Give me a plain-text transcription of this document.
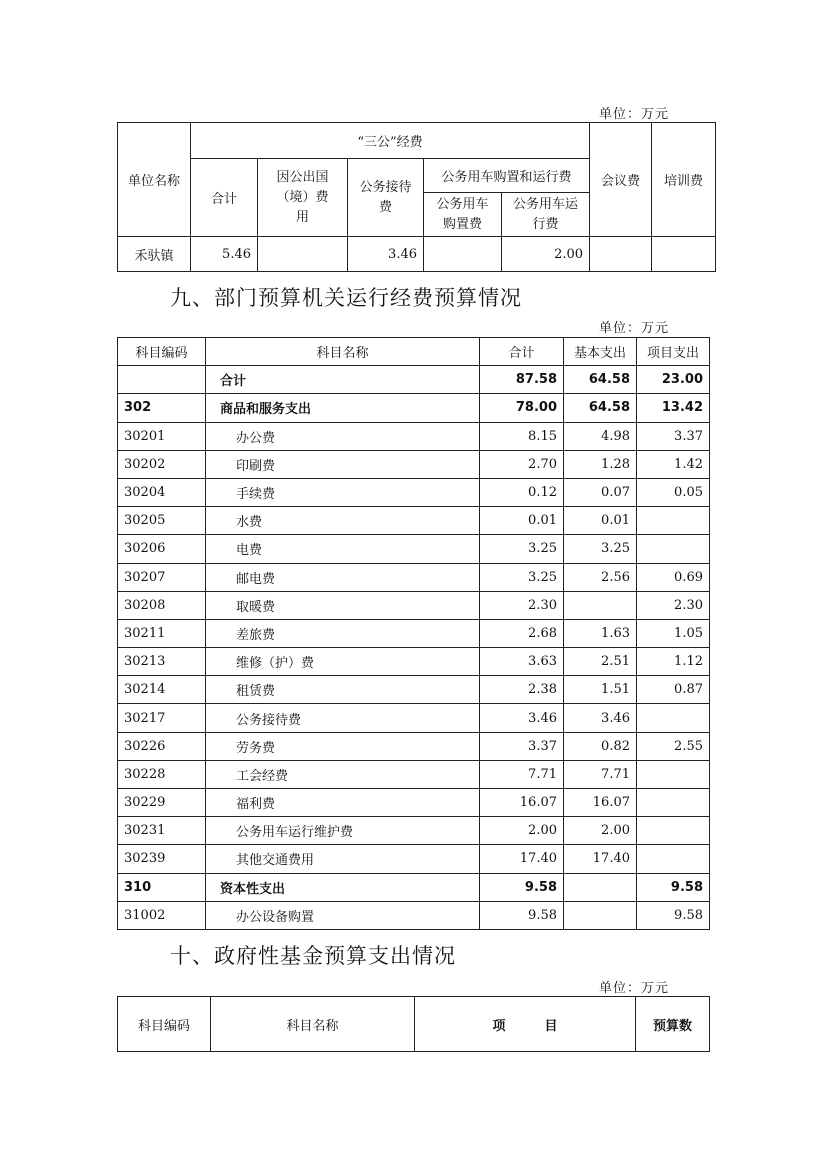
单位：万元
单位名称	“三公”经费					会议费	培训费
	合计	因公出国（境）费用	公务接待费	公务用车购置和运行费			
				公务用车购置费	公务用车运行费		
禾驮镇	5.46		3.46		2.00		
九、部门预算机关运行经费预算情况
单位：万元
科目编码	科目名称	合计	基本支出	项目支出
	合计	87.58	64.58	23.00
302	商品和服务支出	78.00	64.58	13.42
30201	办公费	8.15	4.98	3.37
30202	印刷费	2.70	1.28	1.42
30204	手续费	0.12	0.07	0.05
30205	水费	0.01	0.01	
30206	电费	3.25	3.25	
30207	邮电费	3.25	2.56	0.69
30208	取暖费	2.30		2.30
30211	差旅费	2.68	1.63	1.05
30213	维修（护）费	3.63	2.51	1.12
30214	租赁费	2.38	1.51	0.87
30217	公务接待费	3.46	3.46	
30226	劳务费	3.37	0.82	2.55
30228	工会经费	7.71	7.71	
30229	福利费	16.07	16.07	
30231	公务用车运行维护费	2.00	2.00	
30239	其他交通费用	17.40	17.40	
310	资本性支出	9.58		9.58
31002	办公设备购置	9.58		9.58
十、政府性基金预算支出情况
单位：万元
科目编码	科目名称	项　　　目	预算数
